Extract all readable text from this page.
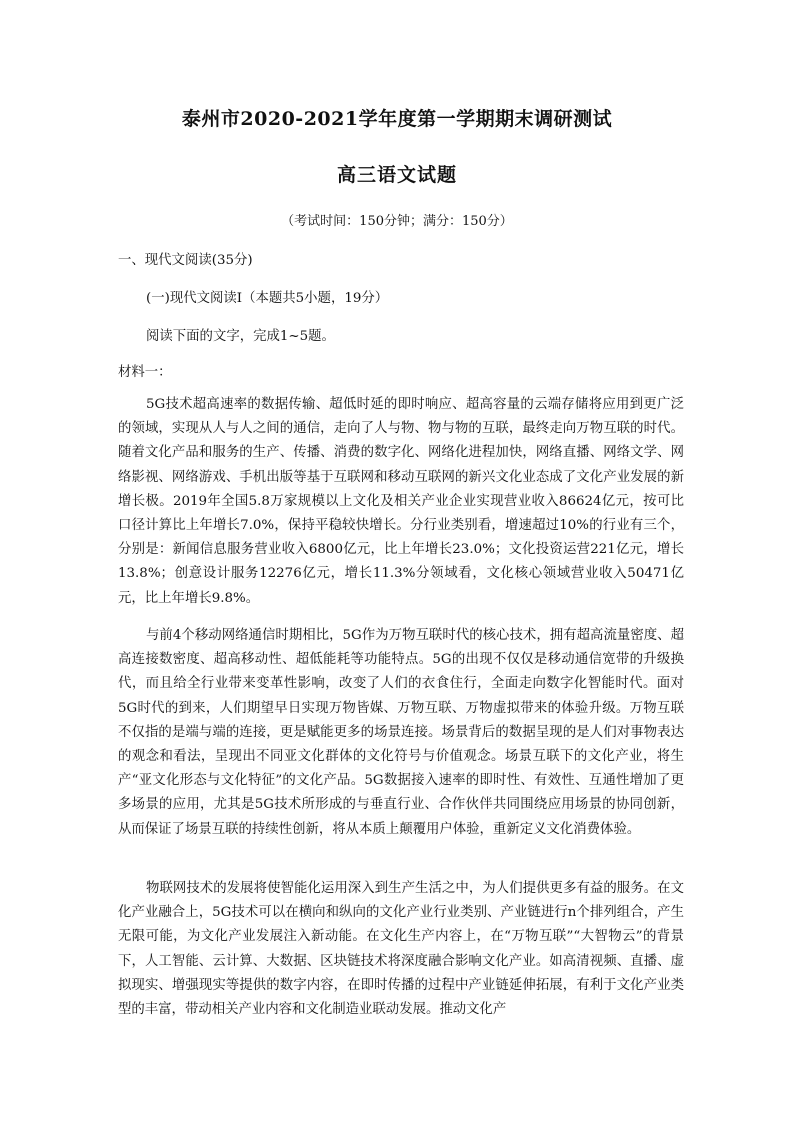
泰州市2020-2021学年度第一学期期末调研测试
高三语文试题
（考试时间：150分钟；满分：150分）
一、现代文阅读(35分)
(一)现代文阅读Ⅰ（本题共5小题，19分）
阅读下面的文字，完成1~5题。
材料一：
5G技术超高速率的数据传输、超低时延的即时响应、超高容量的云端存储将应用到更广泛的领域，实现从人与人之间的通信，走向了人与物、物与物的互联，最终走向万物互联的时代。随着文化产品和服务的生产、传播、消费的数字化、网络化进程加快，网络直播、网络文学、网络影视、网络游戏、手机出版等基于互联网和移动互联网的新兴文化业态成了文化产业发展的新增长极。2019年全国5.8万家规模以上文化及相关产业企业实现营业收入86624亿元，按可比口径计算比上年增长7.0%，保持平稳较快增长。分行业类别看，增速超过10%的行业有三个，分别是：新闻信息服务营业收入6800亿元，比上年增长23.0%；文化投资运营221亿元，增长13.8%；创意设计服务12276亿元，增长11.3%分领域看，文化核心领域营业收入50471亿元，比上年增长9.8%。
与前4个移动网络通信时期相比，5G作为万物互联时代的核心技术，拥有超高流量密度、超高连接数密度、超高移动性、超低能耗等功能特点。5G的出现不仅仅是移动通信宽带的升级换代，而且给全行业带来变革性影响，改变了人们的衣食住行，全面走向数字化智能时代。面对5G时代的到来，人们期望早日实现万物皆媒、万物互联、万物虚拟带来的体验升级。万物互联不仅指的是端与端的连接，更是赋能更多的场景连接。场景背后的数据呈现的是人们对事物表达的观念和看法，呈现出不同亚文化群体的文化符号与价值观念。场景互联下的文化产业，将生产“亚文化形态与文化特征”的文化产品。5G数据接入速率的即时性、有效性、互通性增加了更多场景的应用，尤其是5G技术所形成的与垂直行业、合作伙伴共同围绕应用场景的协同创新，从而保证了场景互联的持续性创新，将从本质上颠覆用户体验，重新定义文化消费体验。
物联网技术的发展将使智能化运用深入到生产生活之中，为人们提供更多有益的服务。在文化产业融合上，5G技术可以在横向和纵向的文化产业行业类别、产业链进行n个排列组合，产生无限可能，为文化产业发展注入新动能。在文化生产内容上，在“万物互联”“大智物云”的背景下，人工智能、云计算、大数据、区块链技术将深度融合影响文化产业。如高清视频、直播、虚拟现实、增强现实等提供的数字内容，在即时传播的过程中产业链延伸拓展，有利于文化产业类型的丰富，带动相关产业内容和文化制造业联动发展。推动文化产
